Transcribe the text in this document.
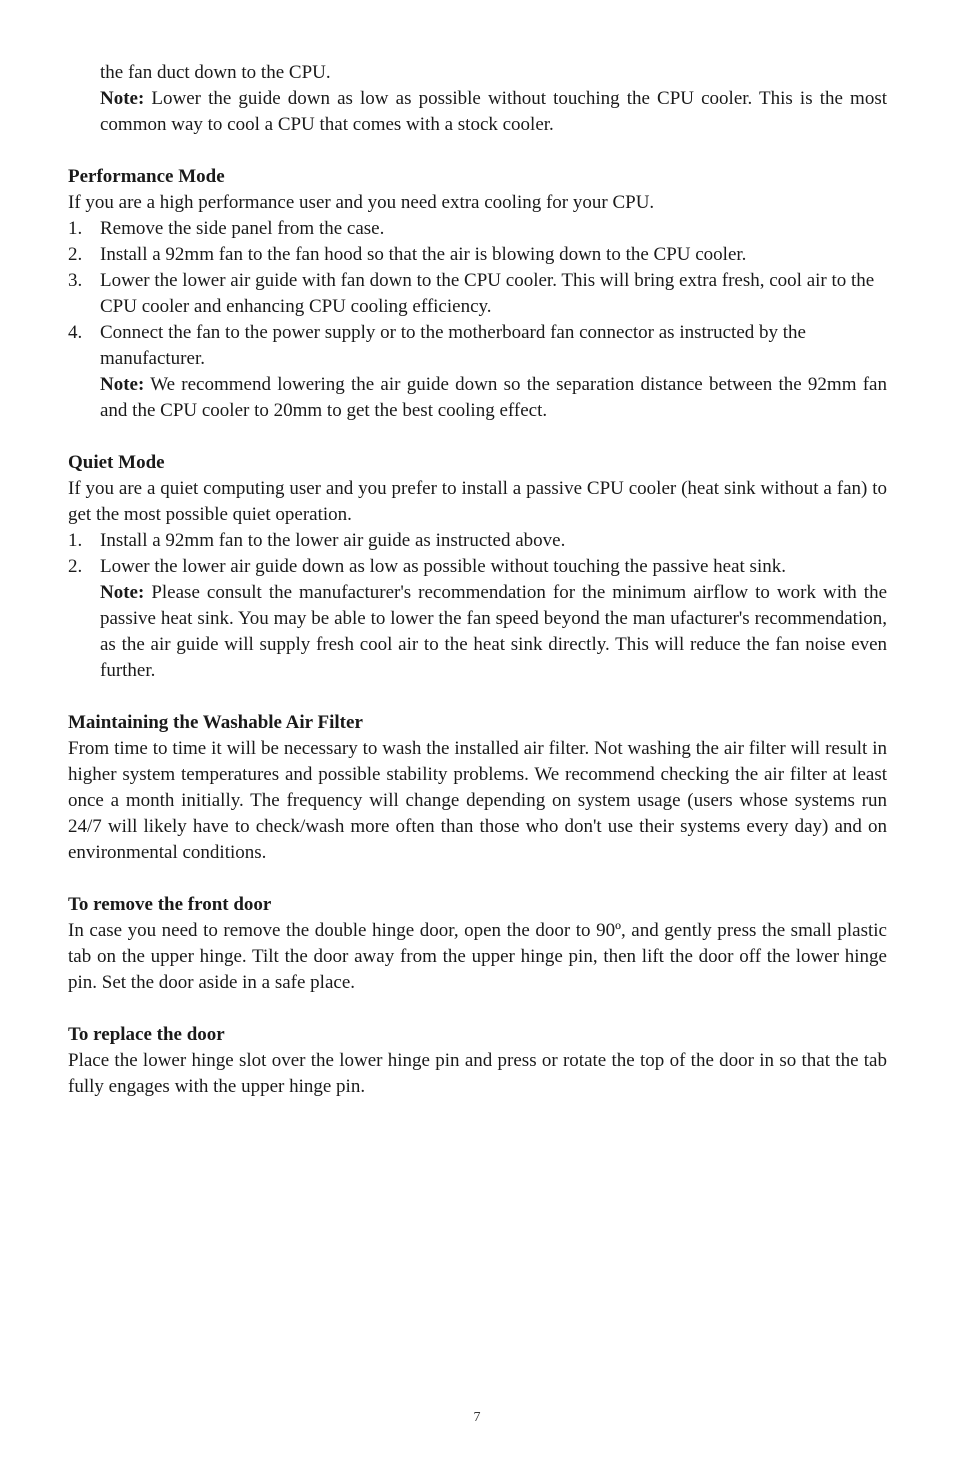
the fan duct down to the CPU.

Note: Lower the guide down as low as possible without touching the CPU cooler. This is the most common way to cool a CPU that comes with a stock cooler.

Performance Mode

If you are a high performance user and you need extra cooling for your CPU.

1. Remove the side panel from the case.
2. Install a 92mm fan to the fan hood so that the air is blowing down to the CPU cooler.
3. Lower the lower air guide with fan down to the CPU cooler. This will bring extra fresh, cool air to the CPU cooler and enhancing CPU cooling efficiency.
4. Connect the fan to the power supply or to the motherboard fan connector as instructed by the manufacturer.

Note: We recommend lowering the air guide down so the separation distance between the 92mm fan and the CPU cooler to 20mm to get the best cooling effect.

Quiet Mode

If you are a quiet computing user and you prefer to install a passive CPU cooler (heat sink without a fan) to get the most possible quiet operation.

1. Install a 92mm fan to the lower air guide as instructed above.
2. Lower the lower air guide down as low as possible without touching the passive heat sink.

Note: Please consult the manufacturer's recommendation for the minimum airflow to work with the passive heat sink. You may be able to lower the fan speed beyond the man ufacturer's recommendation, as the air guide will supply fresh cool air to the heat sink directly. This will reduce the fan noise even further.

Maintaining the Washable Air Filter

From time to time it will be necessary to wash the installed air filter. Not washing the air filter will result in higher system temperatures and possible stability problems. We recommend checking the air filter at least once a month initially. The frequency will change depending on system usage (users whose systems run 24/7 will likely have to check/wash more often than those who don't use their systems every day) and on environmental conditions.

To remove the front door

In case you need to remove the double hinge door, open the door to 90º, and gently press the small plastic tab on the upper hinge. Tilt the door away from the upper hinge pin, then lift the door off the lower hinge pin. Set the door aside in a safe place.

To replace the door

Place the lower hinge slot over the lower hinge pin and press or rotate the top of the door in so that the tab fully engages with the upper hinge pin.

7
